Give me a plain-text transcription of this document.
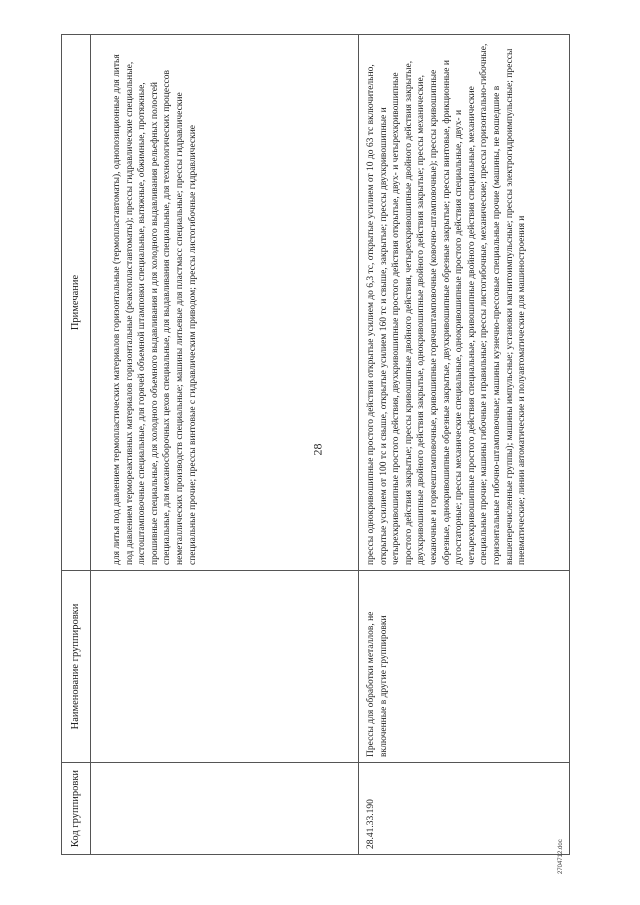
28
Код группировки	Наименование группировки	Примечание
		для литья под давлением термопластических материалов горизонтальные (термопластавтоматы), однопозиционные для литья под давлением термореактивных материалов горизонтальные (реактопластавтоматы); прессы гидравлические специальные, листоштамповочные специальные, для горячей объемной штамповки специальные, вытяжные, обжимные, протяжные, прошивные специальные, для холодного объемного выдавливания и для холодного выдавливания рельефных полостей специальные, для механосборочных цехов специальные, для выдавливания специальные, для технологических процессов неметаллических производств специальные; машины литьевые для пластмасс специальные; прессы гидравлические специальные прочие; прессы винтовые с гидравлическим приводом; прессы листогибочные гидравлические
28.41.33.190	Прессы для обработки металлов, не включенные в другие группировки	прессы однокривошипные простого действия открытые усилием до 6,3 тс, открытые усилием от 10 до 63 тс включительно, открытые усилием от 100 тс и свыше, открытые усилием 160 тс и свыше, закрытые; прессы двухкривошипные и четырехкривошипные простого действия, двухкривошипные простого действия открытые, двух- и четырехкривошипные простого действия закрытые; прессы кривошипные двойного действия, четырехкривошипные двойного действия закрытые, двухкривошипные двойного действия закрытые, однокривошипные двойного действия закрытые; прессы механические, чеканочные и горячештамповочные, кривошипные горячештамповочные (ковочно-штамповочные); прессы кривошипные обрезные, однокривошипные обрезные закрытые, двухкривошипные обрезные закрытые; прессы винтовые, фрикционные и дугостаторные; прессы механические специальные, однокривошипные простого действия специальные, двух- и четырехкривошипные простого действия специальные, кривошипные двойного действия специальные, механические специальные прочие; машины гибочные и правильные; прессы листогибочные, механические; прессы горизонтально-гибочные, горизонтальные гибочно-штамповочные; машины кузнечно-прессовые специальные прочие (машины, не вошедшие в вышеперечисленные группы); машины импульсные; установки магнитоимпульсные; прессы электрогидроимпульсные; прессы пневматические; линии автоматические и полуавтоматические для машиностроения и
2704712.doc
